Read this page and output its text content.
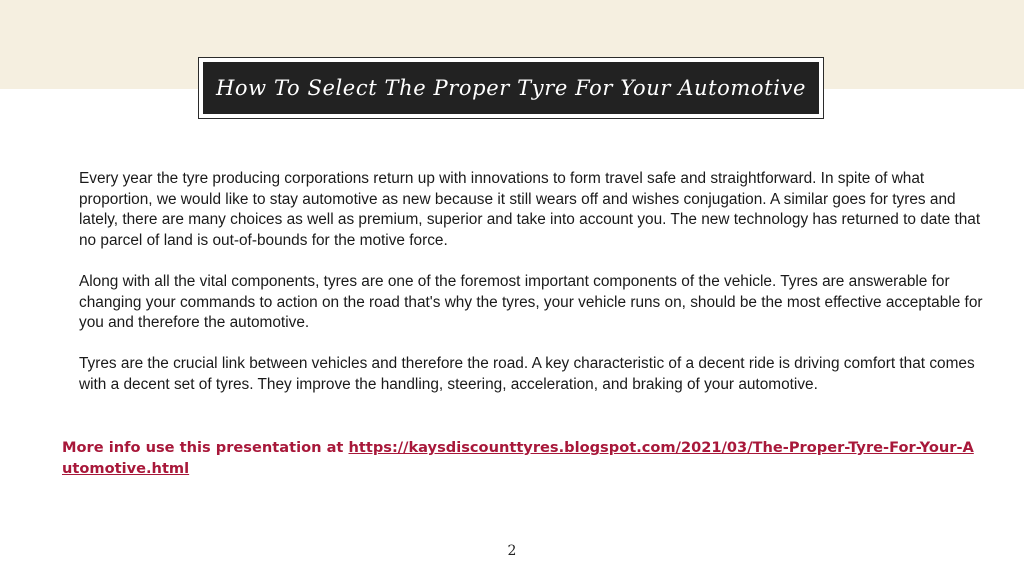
How To Select The Proper Tyre For Your Automotive

Every year the tyre producing corporations return up with innovations to form travel safe and straightforward. In spite of what proportion, we would like to stay automotive as new because it still wears off and wishes conjugation. A similar goes for tyres and lately, there are many choices as well as premium, superior and take into account you. The new technology has returned to date that no parcel of land is out-of-bounds for the motive force.

Along with all the vital components, tyres are one of the foremost important components of the vehicle. Tyres are answerable for changing your commands to action on the road that's why the tyres, your vehicle runs on, should be the most effective acceptable for you and therefore the automotive.

Tyres are the crucial link between vehicles and therefore the road. A key characteristic of a decent ride is driving comfort that comes with a decent set of tyres. They improve the handling, steering, acceleration, and braking of your automotive.

More info use this presentation at https://kaysdiscounttyres.blogspot.com/2021/03/The-Proper-Tyre-For-Your-Automotive.html
2
